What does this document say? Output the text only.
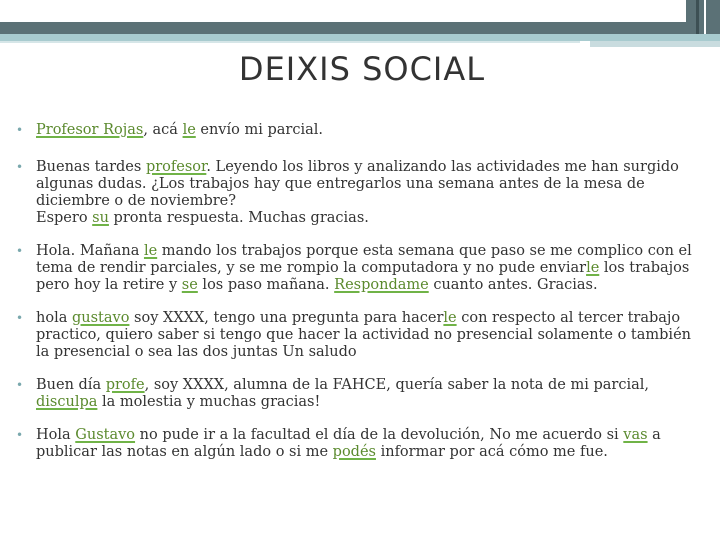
DEIXIS SOCIAL
• Profesor Rojas, acá le envío mi parcial.
• Buenas tardes profesor. Leyendo los libros y analizando las actividades me han surgido algunas dudas. ¿Los trabajos hay que entregarlos una semana antes de la mesa de diciembre o de noviembre?
Espero su pronta respuesta. Muchas gracias.
• Hola. Mañana le mando los trabajos porque esta semana que paso se me complico con el tema de rendir parciales, y se me rompio la computadora y no pude enviarle los trabajos pero hoy la retire y se los paso mañana. Respondame cuanto antes. Gracias.
• hola gustavo soy XXXX, tengo una pregunta para hacerle con respecto al tercer trabajo practico, quiero saber si tengo que hacer la actividad no presencial solamente o también la presencial o sea las dos juntas Un saludo
• Buen día profe, soy XXXX, alumna de la FAHCE, quería saber la nota de mi parcial, disculpa la molestia y muchas gracias!
• Hola Gustavo no pude ir a la facultad el día de la devolución, No me acuerdo si vas a publicar las notas en algún lado o si me podés informar por acá cómo me fue.
